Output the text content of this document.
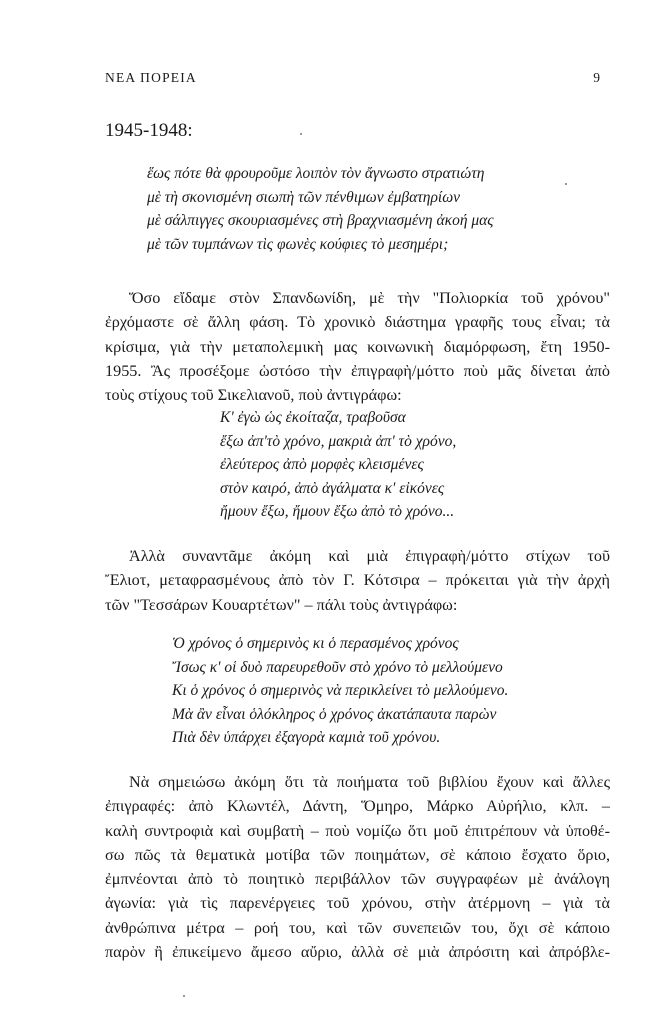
ΝΕΑ ΠΟΡΕΙΑ	9
1945-1948:
ἕως πότε θὰ φρουροῦμε λοιπὸν τὸν ἄγνωστο στρατιώτη
μὲ τὴ σκονισμένη σιωπὴ τῶν πένθιμων ἐμβατηρίων
μὲ σάλπιγγες σκουριασμένες στὴ βραχνιασμένη ἀκοή μας
μὲ τῶν τυμπάνων τὶς φωνὲς κούφιες τὸ μεσημέρι;
Ὅσο εἴδαμε στὸν Σπανδωνίδη, μὲ τὴν "Πολιορκία τοῦ χρόνου"
ἐρχόμαστε σὲ ἄλλη φάση. Τὸ χρονικὸ διάστημα γραφῆς τους εἶναι; τὰ
κρίσιμα, γιὰ τὴν μεταπολεμικὴ μας κοινωνικὴ διαμόρφωση, ἔτη 1950-
1955. Ἂς προσέξομε ὡστόσο τὴν ἐπιγραφὴ/μόττο ποὺ μᾶς δίνεται ἀπὸ
τοὺς στίχους τοῦ Σικελιανοῦ, ποὺ ἀντιγράφω:
Κ' ἐγὼ ὡς ἐκοίταζα, τραβοῦσα
ἔξω ἀπ'τὸ χρόνο, μακριὰ ἀπ' τὸ χρόνο,
ἐλεύτερος ἀπὸ μορφὲς κλεισμένες
στὸν καιρό, ἀπὸ ἀγάλματα κ' εἰκόνες
ἤμουν ἔξω, ἤμουν ἔξω ἀπὸ τὸ χρόνο...
Ἀλλὰ συναντᾶμε ἀκόμη καὶ μιὰ ἐπιγραφὴ/μόττο στίχων τοῦ
Ἔλιοτ, μεταφρασμένους ἀπὸ τὸν Γ. Κότσιρα – πρόκειται γιὰ τὴν ἀρχὴ
τῶν "Τεσσάρων Κουαρτέτων" – πάλι τοὺς ἀντιγράφω:
Ὁ χρόνος ὁ σημερινὸς κι ὁ περασμένος χρόνος
Ἴσως κ' οἱ δυὸ παρευρεθοῦν στὸ χρόνο τὸ μελλούμενο
Κι ὁ χρόνος ὁ σημερινὸς νὰ περικλείνει τὸ μελλούμενο.
Μὰ ἂν εἶναι ὁλόκληρος ὁ χρόνος ἀκατάπαυτα παρὼν
Πιὰ δὲν ὑπάρχει ἐξαγορὰ καμιὰ τοῦ χρόνου.
Νὰ σημειώσω ἀκόμη ὅτι τὰ ποιήματα τοῦ βιβλίου ἔχουν καὶ ἄλλες
ἐπιγραφές: ἀπὸ Κλωντέλ, Δάντη, Ὅμηρο, Μάρκο Αὐρήλιο, κλπ. –
καλὴ συντροφιὰ καὶ συμβατὴ – ποὺ νομίζω ὅτι μοῦ ἐπιτρέπουν νὰ ὑποθέ-
σω πῶς τὰ θεματικὰ μοτίβα τῶν ποιημάτων, σὲ κάποιο ἔσχατο ὅριο,
ἐμπνέονται ἀπὸ τὸ ποιητικὸ περιβάλλον τῶν συγγραφέων μὲ ἀνάλογη
ἀγωνία: γιὰ τὶς παρενέργειες τοῦ χρόνου, στὴν ἀτέρμονη – γιὰ τὰ
ἀνθρώπινα μέτρα – ροή του, καὶ τῶν συνεπειῶν του, ὄχι σὲ κάποιο
παρὸν ἢ ἐπικείμενο ἄμεσο αὔριο, ἀλλὰ σὲ μιὰ ἀπρόσιτη καὶ ἀπρόβλε-
